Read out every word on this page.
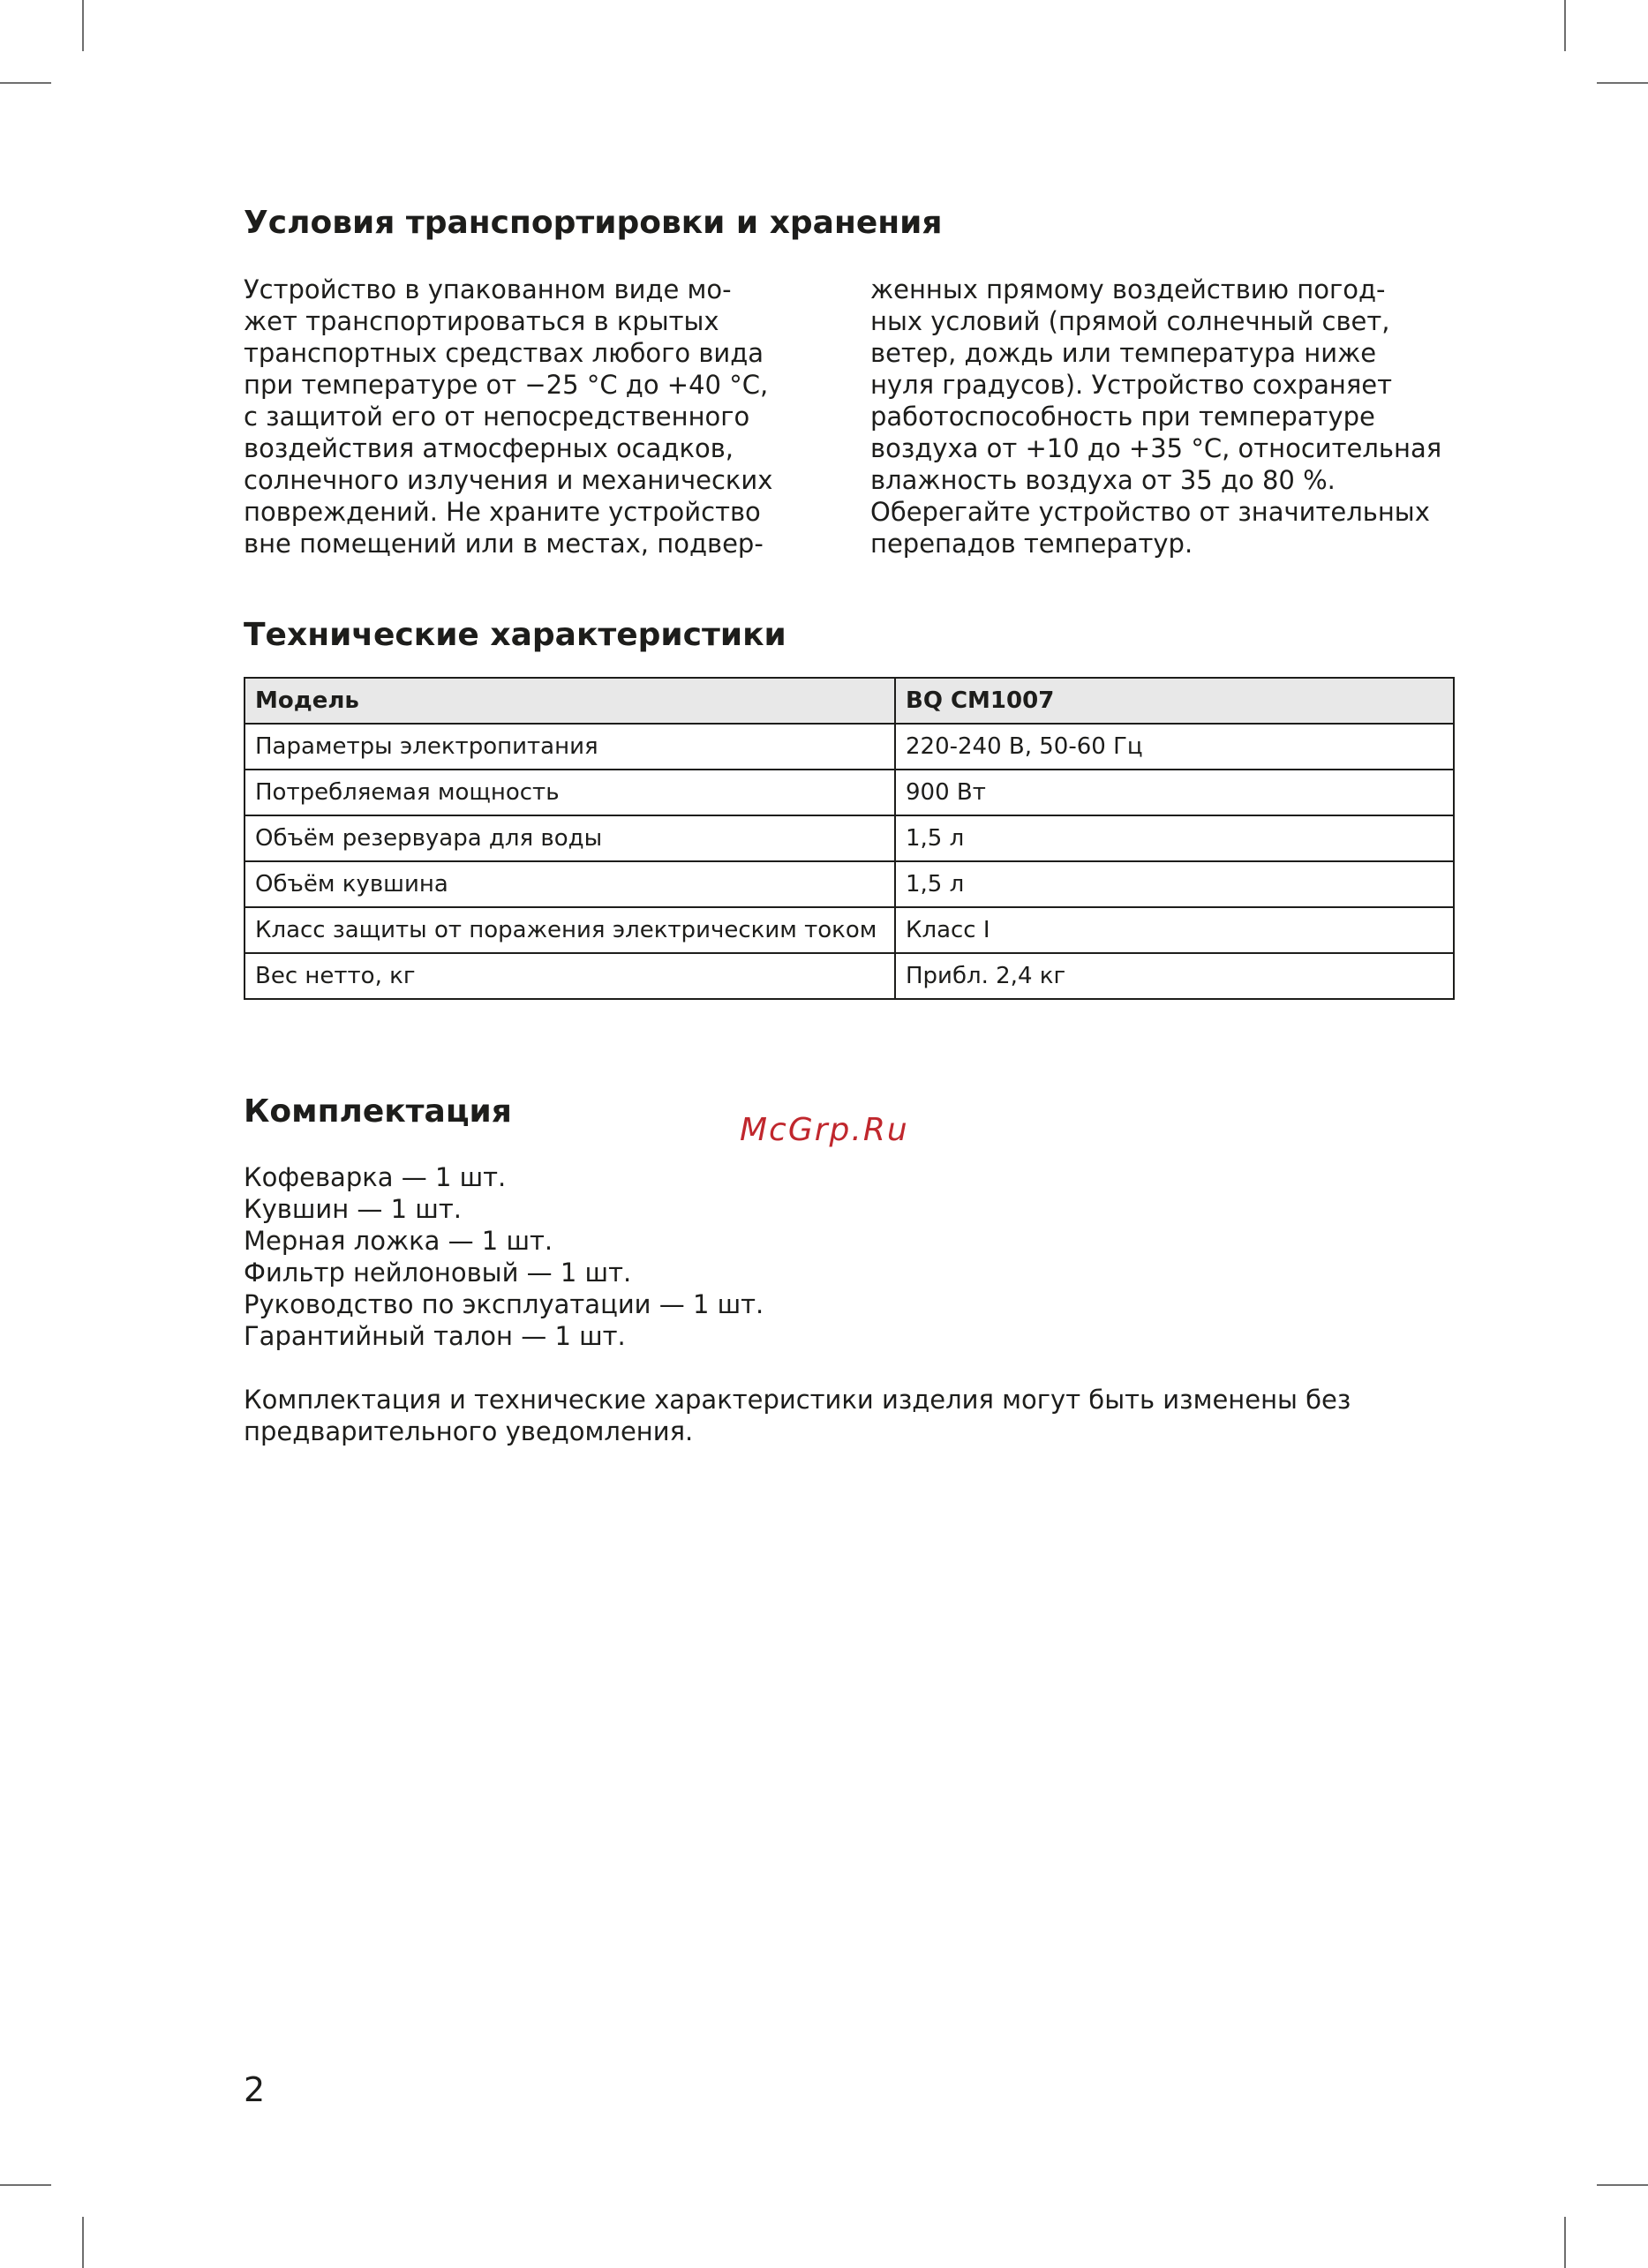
Условия транспортировки и хранения
Устройство в упакованном виде мо-
жет транспортироваться в крытых
транспортных средствах любого вида
при температуре от −25 °C до +40 °C,
с защитой его от непосредственного
воздействия атмосферных осадков,
солнечного излучения и механических
повреждений. Не храните устройство
вне помещений или в местах, подвер-
женных прямому воздействию погод-
ных условий (прямой солнечный свет,
ветер, дождь или температура ниже
нуля градусов). Устройство сохраняет
работоспособность при температуре
воздуха от +10 до +35 °C, относительная
влажность воздуха от 35 до 80 %.
Оберегайте устройство от значительных
перепадов температур.
Технические характеристики
Модель	BQ CM1007
Параметры электропитания	220-240 В, 50-60 Гц
Потребляемая мощность	900 Вт
Объём резервуара для воды	1,5 л
Объём кувшина	1,5 л
Класс защиты от поражения электрическим током	Класс I
Вес нетто, кг	Прибл. 2,4 кг
Комплектация
McGrp.Ru
Кофеварка — 1 шт.
Кувшин — 1 шт.
Мерная ложка — 1 шт.
Фильтр нейлоновый — 1 шт.
Руководство по эксплуатации — 1 шт.
Гарантийный талон — 1 шт.
Комплектация и технические характеристики изделия могут быть изменены без
предварительного уведомления.
2
